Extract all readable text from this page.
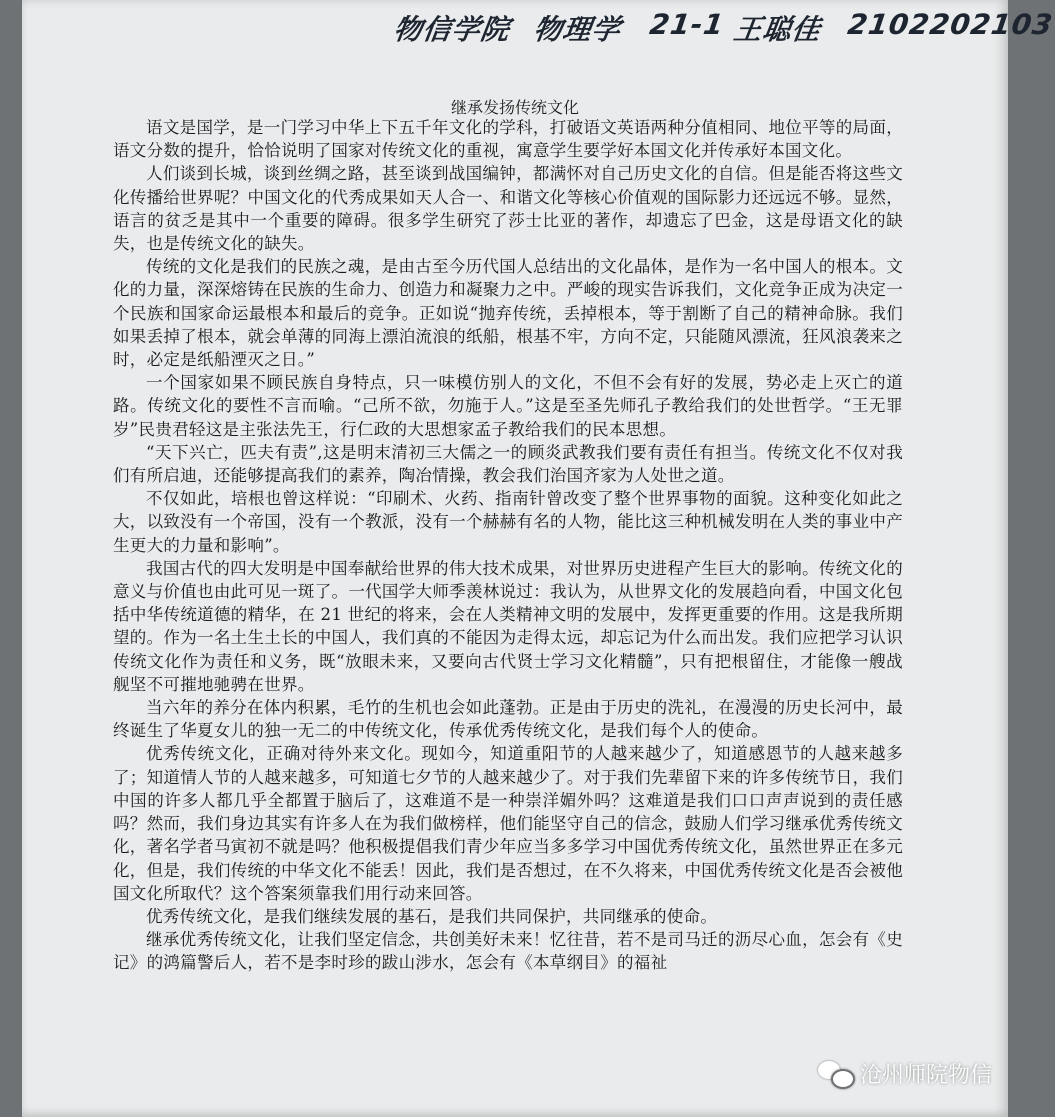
物信学院 物理学 21-1 王聪佳 2102202103
继承发扬传统文化

语文是国学，是一门学习中华上下五千年文化的学科，打破语文英语两种分值相同、地位平等的局面，语文分数的提升，恰恰说明了国家对传统文化的重视，寓意学生要学好本国文化并传承好本国文化。

人们谈到长城，谈到丝绸之路，甚至谈到战国编钟，都满怀对自己历史文化的自信。但是能否将这些文化传播给世界呢？中国文化的代秀成果如天人合一、和谐文化等核心价值观的国际影力还远远不够。显然，语言的贫乏是其中一个重要的障碍。很多学生研究了莎士比亚的著作，却遗忘了巴金，这是母语文化的缺失，也是传统文化的缺失。

传统的文化是我们的民族之魂，是由古至今历代国人总结出的文化晶体，是作为一名中国人的根本。文化的力量，深深熔铸在民族的生命力、创造力和凝聚力之中。严峻的现实告诉我们，文化竞争正成为决定一个民族和国家命运最根本和最后的竞争。正如说“抛弃传统，丢掉根本，等于割断了自己的精神命脉。我们如果丢掉了根本，就会单薄的同海上漂泊流浪的纸船，根基不牢，方向不定，只能随风漂流，狂风浪袭来之时，必定是纸船湮灭之日。”

一个国家如果不顾民族自身特点，只一味模仿别人的文化，不但不会有好的发展，势必走上灭亡的道路。传统文化的要性不言而喻。“己所不欲，勿施于人。”这是至圣先师孔子教给我们的处世哲学。“王无罪岁”民贵君轻这是主张法先王，行仁政的大思想家孟子教给我们的民本思想。

“天下兴亡，匹夫有责”,这是明末清初三大儒之一的顾炎武教我们要有责任有担当。传统文化不仅对我们有所启迪，还能够提高我们的素养，陶冶情操，教会我们治国齐家为人处世之道。

不仅如此，培根也曾这样说：“印刷术、火药、指南针曾改变了整个世界事物的面貌。这种变化如此之大，以致没有一个帝国，没有一个教派，没有一个赫赫有名的人物，能比这三种机械发明在人类的事业中产生更大的力量和影响”。

我国古代的四大发明是中国奉献给世界的伟大技术成果，对世界历史进程产生巨大的影响。传统文化的意义与价值也由此可见一斑了。一代国学大师季羡林说过：我认为，从世界文化的发展趋向看，中国文化包括中华传统道德的精华，在 21 世纪的将来，会在人类精神文明的发展中，发挥更重要的作用。这是我所期望的。作为一名土生土长的中国人，我们真的不能因为走得太远，却忘记为什么而出发。我们应把学习认识传统文化作为责任和义务，既“放眼未来，又要向古代贤士学习文化精髓”，只有把根留住，才能像一艘战舰坚不可摧地驰骋在世界。

当六年的养分在体内积累，毛竹的生机也会如此蓬勃。正是由于历史的洗礼，在漫漫的历史长河中，最终诞生了华夏女儿的独一无二的中传统文化，传承优秀传统文化，是我们每个人的使命。

优秀传统文化，正确对待外来文化。现如今，知道重阳节的人越来越少了，知道感恩节的人越来越多了；知道情人节的人越来越多，可知道七夕节的人越来越少了。对于我们先辈留下来的许多传统节日，我们中国的许多人都几乎全都置于脑后了，这难道不是一种崇洋媚外吗？这难道是我们口口声声说到的责任感吗？然而，我们身边其实有许多人在为我们做榜样，他们能坚守自己的信念，鼓励人们学习继承优秀传统文化，著名学者马寅初不就是吗？他积极提倡我们青少年应当多多学习中国优秀传统文化，虽然世界正在多元化，但是，我们传统的中华文化不能丢！因此，我们是否想过，在不久将来，中国优秀传统文化是否会被他国文化所取代？这个答案须靠我们用行动来回答。

优秀传统文化，是我们继续发展的基石，是我们共同保护，共同继承的使命。

继承优秀传统文化，让我们坚定信念，共创美好未来！忆往昔，若不是司马迁的沥尽心血，怎会有《史记》的鸿篇警后人，若不是李时珍的跋山涉水，怎会有《本草纲目》的福祉

沧州师院物信
